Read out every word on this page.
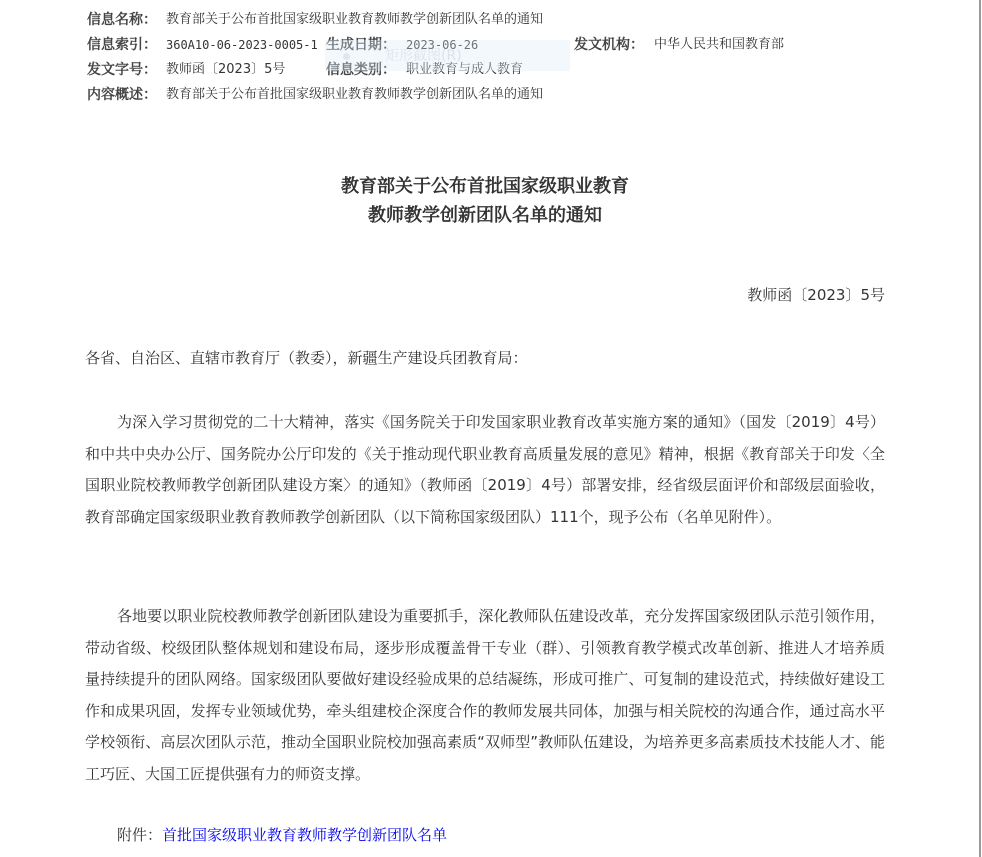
信息名称： 教育部关于公布首批国家级职业教育教师教学创新团队名单的通知
信息索引： 360A10-06-2023-0005-1 生成日期： 2023-06-26	发文机构： 中华人民共和国教育部
发文字号： 教师函〔2023〕5号	信息类别： 职业教育与成人教育
内容概述： 教育部关于公布首批国家级职业教育教师教学创新团队名单的通知
矩形截图(R)
教育部关于公布首批国家级职业教育
教师教学创新团队名单的通知
教师函〔2023〕5号
各省、自治区、直辖市教育厅（教委），新疆生产建设兵团教育局：
为深入学习贯彻党的二十大精神，落实《国务院关于印发国家职业教育改革实施方案的通知》（国发〔2019〕4号）和中共中央办公厅、国务院办公厅印发的《关于推动现代职业教育高质量发展的意见》精神，根据《教育部关于印发〈全国职业院校教师教学创新团队建设方案〉的通知》（教师函〔2019〕4号）部署安排，经省级层面评价和部级层面验收，教育部确定国家级职业教育教师教学创新团队（以下简称国家级团队）111个，现予公布（名单见附件）。
各地要以职业院校教师教学创新团队建设为重要抓手，深化教师队伍建设改革，充分发挥国家级团队示范引领作用，带动省级、校级团队整体规划和建设布局，逐步形成覆盖骨干专业（群）、引领教育教学模式改革创新、推进人才培养质量持续提升的团队网络。国家级团队要做好建设经验成果的总结凝练，形成可推广、可复制的建设范式，持续做好建设工作和成果巩固，发挥专业领域优势，牵头组建校企深度合作的教师发展共同体，加强与相关院校的沟通合作，通过高水平学校领衔、高层次团队示范，推动全国职业院校加强高素质“双师型”教师队伍建设，为培养更多高素质技术技能人才、能工巧匠、大国工匠提供强有力的师资支撑。
附件：首批国家级职业教育教师教学创新团队名单
